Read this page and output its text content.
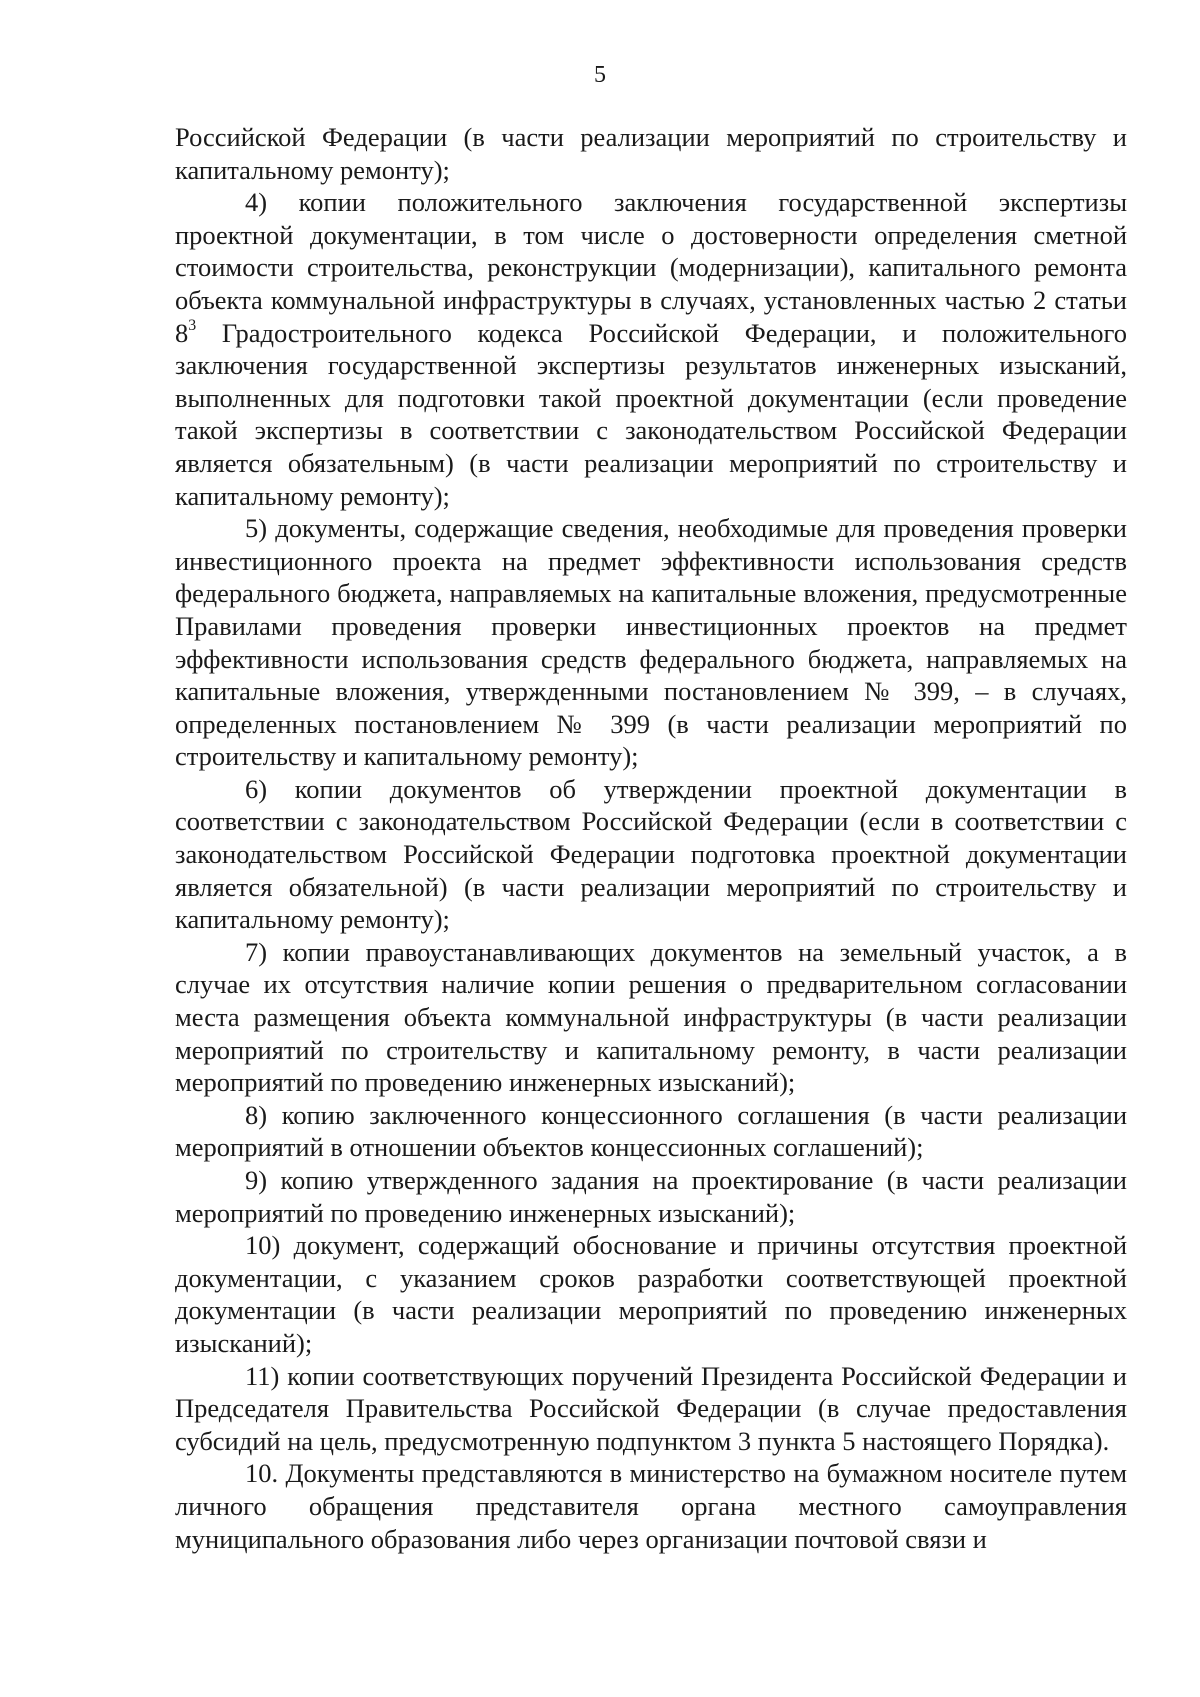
5

Российской Федерации (в части реализации мероприятий по строительству и капитальному ремонту);

4) копии положительного заключения государственной экспертизы проектной документации, в том числе о достоверности определения сметной стоимости строительства, реконструкции (модернизации), капитального ремонта объекта коммунальной инфраструктуры в случаях, установленных частью 2 статьи $8^3$ Градостроительного кодекса Российской Федерации, и положительного заключения государственной экспертизы результатов инженерных изысканий, выполненных для подготовки такой проектной документации (если проведение такой экспертизы в соответствии с законодательством Российской Федерации является обязательным) (в части реализации мероприятий по строительству и капитальному ремонту);

5) документы, содержащие сведения, необходимые для проведения проверки инвестиционного проекта на предмет эффективности использования средств федерального бюджета, направляемых на капитальные вложения, предусмотренные Правилами проведения проверки инвестиционных проектов на предмет эффективности использования средств федерального бюджета, направляемых на капитальные вложения, утвержденными постановлением № 399, – в случаях, определенных постановлением № 399 (в части реализации мероприятий по строительству и капитальному ремонту);

6) копии документов об утверждении проектной документации в соответствии с законодательством Российской Федерации (если в соответствии с законодательством Российской Федерации подготовка проектной документации является обязательной) (в части реализации мероприятий по строительству и капитальному ремонту);

7) копии правоустанавливающих документов на земельный участок, а в случае их отсутствия наличие копии решения о предварительном согласовании места размещения объекта коммунальной инфраструктуры (в части реализации мероприятий по строительству и капитальному ремонту, в части реализации мероприятий по проведению инженерных изысканий);

8) копию заключенного концессионного соглашения (в части реализации мероприятий в отношении объектов концессионных соглашений);

9) копию утвержденного задания на проектирование (в части реализации мероприятий по проведению инженерных изысканий);

10) документ, содержащий обоснование и причины отсутствия проектной документации, с указанием сроков разработки соответствующей проектной документации (в части реализации мероприятий по проведению инженерных изысканий);

11) копии соответствующих поручений Президента Российской Федерации и Председателя Правительства Российской Федерации (в случае предоставления субсидий на цель, предусмотренную подпунктом 3 пункта 5 настоящего Порядка).

10. Документы представляются в министерство на бумажном носителе путем личного обращения представителя органа местного самоуправления муниципального образования либо через организации почтовой связи и
